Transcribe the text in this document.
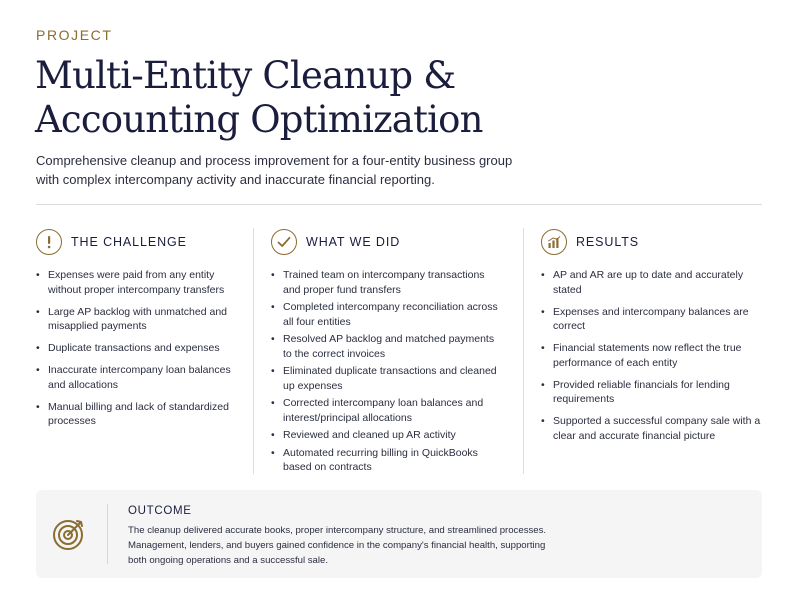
PROJECT
Multi-Entity Cleanup &
Accounting Optimization

Comprehensive cleanup and process improvement for a four-entity business group with complex intercompany activity and inaccurate financial reporting.

THE CHALLENGE
• Expenses were paid from any entity without proper intercompany transfers
• Large AP backlog with unmatched and misapplied payments
• Duplicate transactions and expenses
• Inaccurate intercompany loan balances and allocations
• Manual billing and lack of standardized processes
WHAT WE DID
• Trained team on intercompany transactions and proper fund transfers
• Completed intercompany reconciliation across all four entities
• Resolved AP backlog and matched payments to the correct invoices
• Eliminated duplicate transactions and cleaned up expenses
• Corrected intercompany loan balances and interest/principal allocations
• Reviewed and cleaned up AR activity
• Automated recurring billing in QuickBooks based on contracts
RESULTS
• AP and AR are up to date and accurately stated
• Expenses and intercompany balances are correct
• Financial statements now reflect the true performance of each entity
• Provided reliable financials for lending requirements
• Supported a successful company sale with a clear and accurate financial picture
OUTCOME

The cleanup delivered accurate books, proper intercompany structure, and streamlined processes. Management, lenders, and buyers gained confidence in the company's financial health, supporting both ongoing operations and a successful sale.
